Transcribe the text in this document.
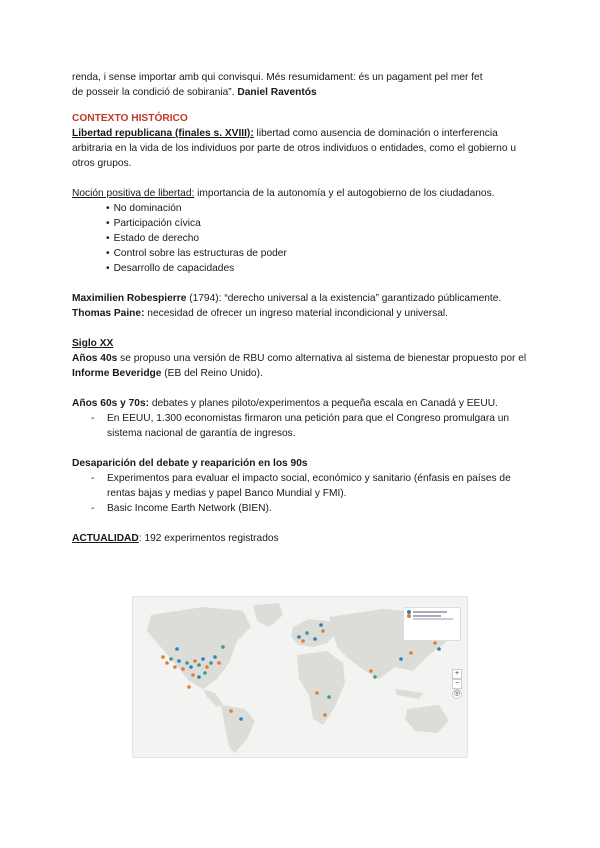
renda, i sense importar amb qui convisqui. Més resumidament: és un pagament pel mer fet

de posseir la condició de sobirania”. Daniel Raventós

CONTEXTO HISTÓRICO

Libertad republicana (finales s. XVIII): libertad como ausencia de dominación o interferencia arbitraria en la vida de los individuos por parte de otros individuos o entidades, como el gobierno u otros grupos.

Noción positiva de libertad: importancia de la autonomía y el autogobierno de los ciudadanos.

• No dominación
• Participación cívica
• Estado de derecho
• Control sobre las estructuras de poder
• Desarrollo de capacidades

Maximilien Robespierre (1794): “derecho universal a la existencia” garantizado públicamente. Thomas Paine: necesidad de ofrecer un ingreso material incondicional y universal.

Siglo XX

Años 40s se propuso una versión de RBU como alternativa al sistema de bienestar propuesto por el Informe Beveridge (EB del Reino Unido).

Años 60s y 70s: debates y planes piloto/experimentos a pequeña escala en Canadá y EEUU.

- En EEUU, 1.300 economistas firmaron una petición para que el Congreso promulgara un sistema nacional de garantía de ingresos.

Desaparición del debate y reaparición en los 90s

- Experimentos para evaluar el impacto social, económico y sanitario (énfasis en países de rentas bajas y medias y papel Banco Mundial y FMI).
- Basic Income Earth Network (BIEN).

ACTUALIDAD: 192 experimentos registrados

+
−
◎
